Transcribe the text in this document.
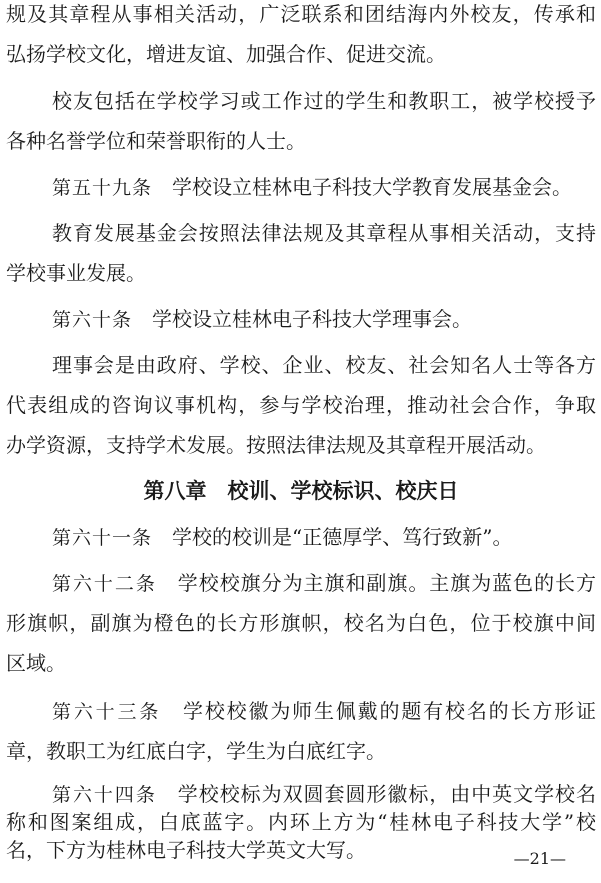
规及其章程从事相关活动，广泛联系和团结海内外校友，传承和
弘扬学校文化，增进友谊、加强合作、促进交流。
校友包括在学校学习或工作过的学生和教职工，被学校授予
各种名誉学位和荣誉职衔的人士。
第五十九条　 学校设立桂林电子科技大学教育发展基金会。
教育发展基金会按照法律法规及其章程从事相关活动，支持
学校事业发展。
第六十条　 学校设立桂林电子科技大学理事会。
理事会是由政府、学校、企业、校友、社会知名人士等各方
代表组成的咨询议事机构，参与学校治理，推动社会合作，争取
办学资源，支持学术发展。按照法律法规及其章程开展活动。
第八章　校训、学校标识、校庆日
第六十一条　 学校的校训是“正德厚学、笃行致新”。
第六十二条　 学校校旗分为主旗和副旗。主旗为蓝色的长方
形旗帜，副旗为橙色的长方形旗帜，校名为白色，位于校旗中间
区域。
第六十三条　 学校校徽为师生佩戴的题有校名的长方形证
章，教职工为红底白字，学生为白底红字。
第六十四条　 学校校标为双圆套圆形徽标，由中英文学校名
称和图案组成，白底蓝字。内环上方为“桂林电子科技大学”校
名，下方为桂林电子科技大学英文大写。	—21—
